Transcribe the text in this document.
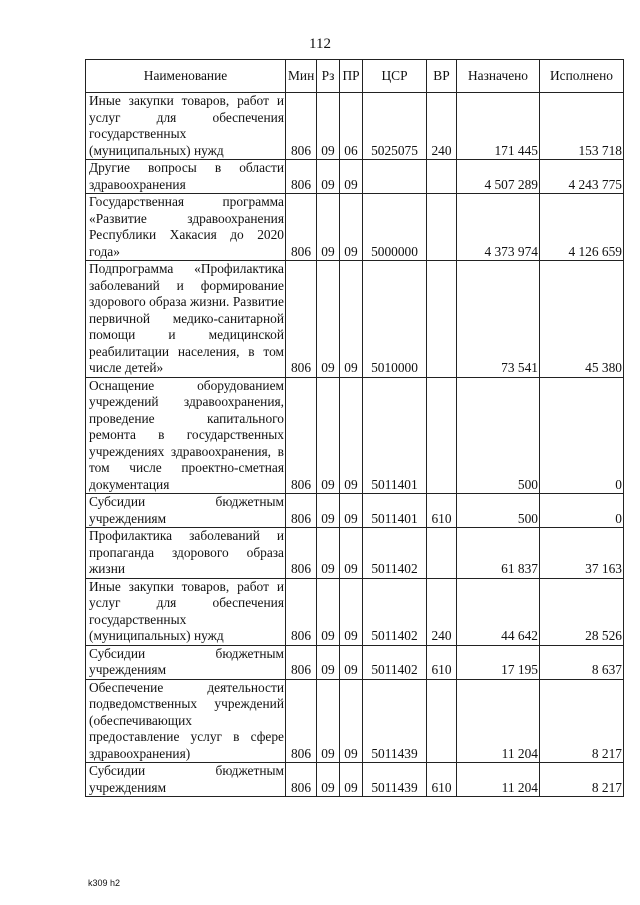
112
Наименование	Мин	Рз	ПР	ЦСР	ВР	Назначено	Исполнено
Иные закупки товаров, работ и услуг для обеспечения государственных (муниципальных) нужд	806	09	06	5025075	240	171 445	153 718
Другие вопросы в области здравоохранения	806	09	09			4 507 289	4 243 775
Государственная программа «Развитие здравоохранения Республики Хакасия до 2020 года»	806	09	09	5000000		4 373 974	4 126 659
Подпрограмма «Профилактика заболеваний и формирование здорового образа жизни. Развитие первичной медико-санитарной помощи и медицинской реабилитации населения, в том числе детей»	806	09	09	5010000		73 541	45 380
Оснащение оборудованием учреждений здравоохранения, проведение капитального ремонта в государственных учреждениях здравоохранения, в том числе проектно-сметная документация	806	09	09	5011401		500	0
Субсидии бюджетным учреждениям	806	09	09	5011401	610	500	0
Профилактика заболеваний и пропаганда здорового образа жизни	806	09	09	5011402		61 837	37 163
Иные закупки товаров, работ и услуг для обеспечения государственных (муниципальных) нужд	806	09	09	5011402	240	44 642	28 526
Субсидии бюджетным учреждениям	806	09	09	5011402	610	17 195	8 637
Обеспечение деятельности подведомственных учреждений (обеспечивающих предоставление услуг в сфере здравоохранения)	806	09	09	5011439		11 204	8 217
Субсидии бюджетным учреждениям	806	09	09	5011439	610	11 204	8 217
k309 h2
